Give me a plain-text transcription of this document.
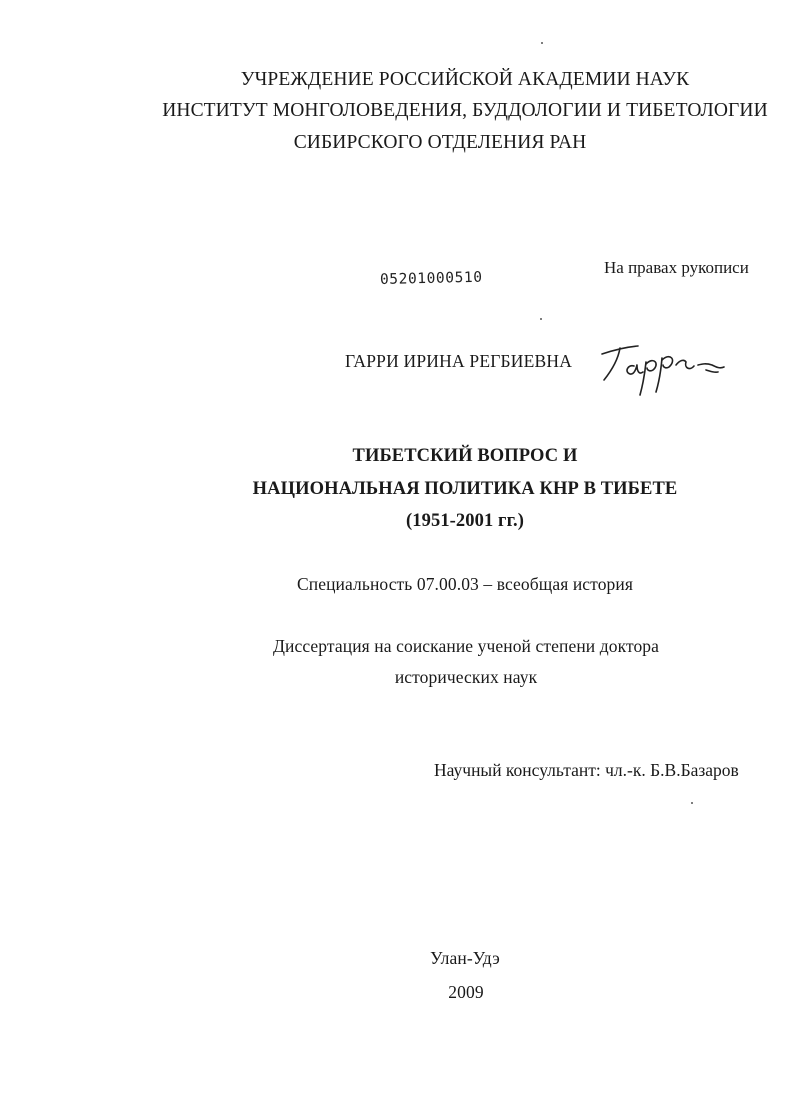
УЧРЕЖДЕНИЕ РОССИЙСКОЙ АКАДЕМИИ НАУК
ИНСТИТУТ МОНГОЛОВЕДЕНИЯ, БУДДОЛОГИИ И ТИБЕТОЛОГИИ
СИБИРСКОГО ОТДЕЛЕНИЯ РАН
05201000510
На правах рукописи
ГАРРИ ИРИНА РЕГБИЕВНА
ТИБЕТСКИЙ ВОПРОС И
НАЦИОНАЛЬНАЯ ПОЛИТИКА КНР В ТИБЕТЕ
(1951-2001 гг.)
Специальность 07.00.03 – всеобщая история
Диссертация на соискание ученой степени доктора
исторических наук
Научный консультант: чл.-к. Б.В.Базаров
Улан-Удэ
2009
